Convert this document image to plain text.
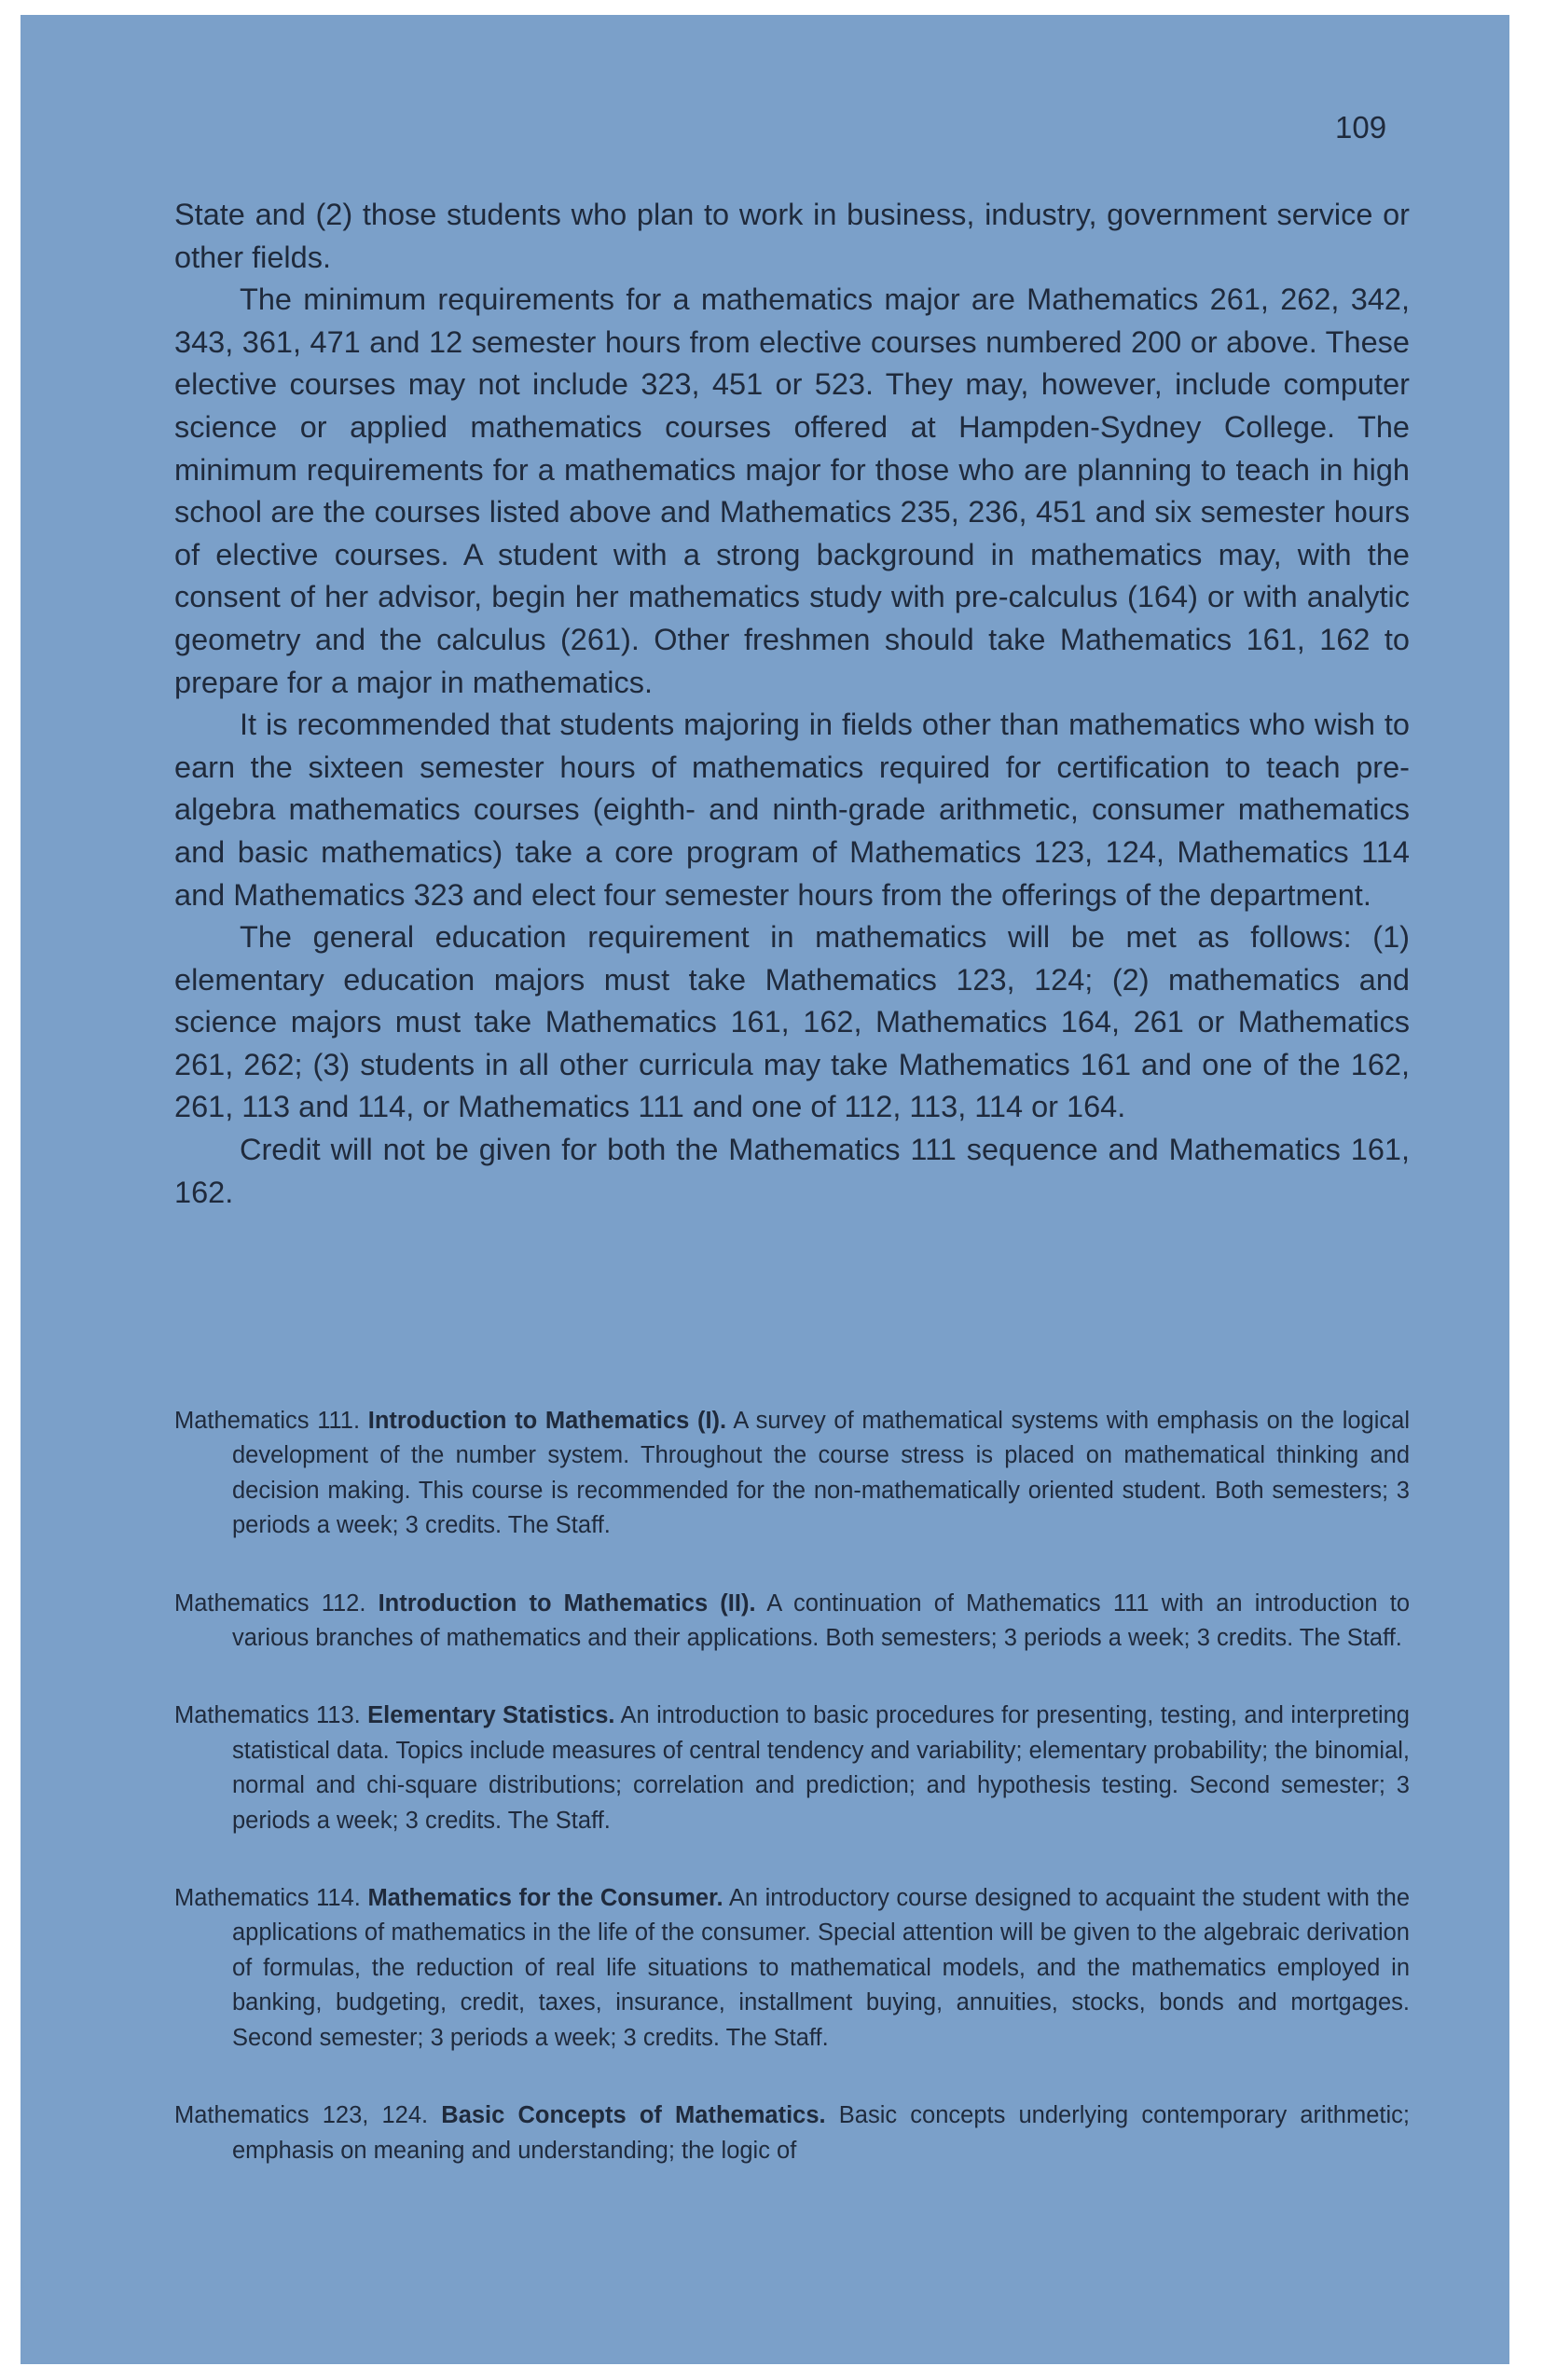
109

State and (2) those students who plan to work in business, industry, government service or other fields.

The minimum requirements for a mathematics major are Mathematics 261, 262, 342, 343, 361, 471 and 12 semester hours from elective courses numbered 200 or above. These elective courses may not include 323, 451 or 523. They may, however, include computer science or applied mathematics courses offered at Hampden-Sydney College. The minimum requirements for a mathematics major for those who are planning to teach in high school are the courses listed above and Mathematics 235, 236, 451 and six semester hours of elective courses. A student with a strong background in mathematics may, with the consent of her advisor, begin her mathematics study with pre-calculus (164) or with analytic geometry and the calculus (261). Other freshmen should take Mathematics 161, 162 to prepare for a major in mathematics.

It is recommended that students majoring in fields other than mathematics who wish to earn the sixteen semester hours of mathematics required for certification to teach pre-algebra mathematics courses (eighth- and ninth-grade arithmetic, consumer mathematics and basic mathematics) take a core program of Mathematics 123, 124, Mathematics 114 and Mathematics 323 and elect four semester hours from the offerings of the department.

The general education requirement in mathematics will be met as follows: (1) elementary education majors must take Mathematics 123, 124; (2) mathematics and science majors must take Mathematics 161, 162, Mathematics 164, 261 or Mathematics 261, 262; (3) students in all other curricula may take Mathematics 161 and one of the 162, 261, 113 and 114, or Mathematics 111 and one of 112, 113, 114 or 164.

Credit will not be given for both the Mathematics 111 sequence and Mathematics 161, 162.

Mathematics 111. Introduction to Mathematics (I). A survey of mathematical systems with emphasis on the logical development of the number system. Throughout the course stress is placed on mathematical thinking and decision making. This course is recommended for the non-mathematically oriented student. Both semesters; 3 periods a week; 3 credits. The Staff.
Mathematics 112. Introduction to Mathematics (II). A continuation of Mathematics 111 with an introduction to various branches of mathematics and their applications. Both semesters; 3 periods a week; 3 credits. The Staff.
Mathematics 113. Elementary Statistics. An introduction to basic procedures for presenting, testing, and interpreting statistical data. Topics include measures of central tendency and variability; elementary probability; the binomial, normal and chi-square distributions; correlation and prediction; and hypothesis testing. Second semester; 3 periods a week; 3 credits. The Staff.
Mathematics 114. Mathematics for the Consumer. An introductory course designed to acquaint the student with the applications of mathematics in the life of the consumer. Special attention will be given to the algebraic derivation of formulas, the reduction of real life situations to mathematical models, and the mathematics employed in banking, budgeting, credit, taxes, insurance, installment buying, annuities, stocks, bonds and mortgages. Second semester; 3 periods a week; 3 credits. The Staff.
Mathematics 123, 124. Basic Concepts of Mathematics. Basic concepts underlying contemporary arithmetic; emphasis on meaning and understanding; the logic of
